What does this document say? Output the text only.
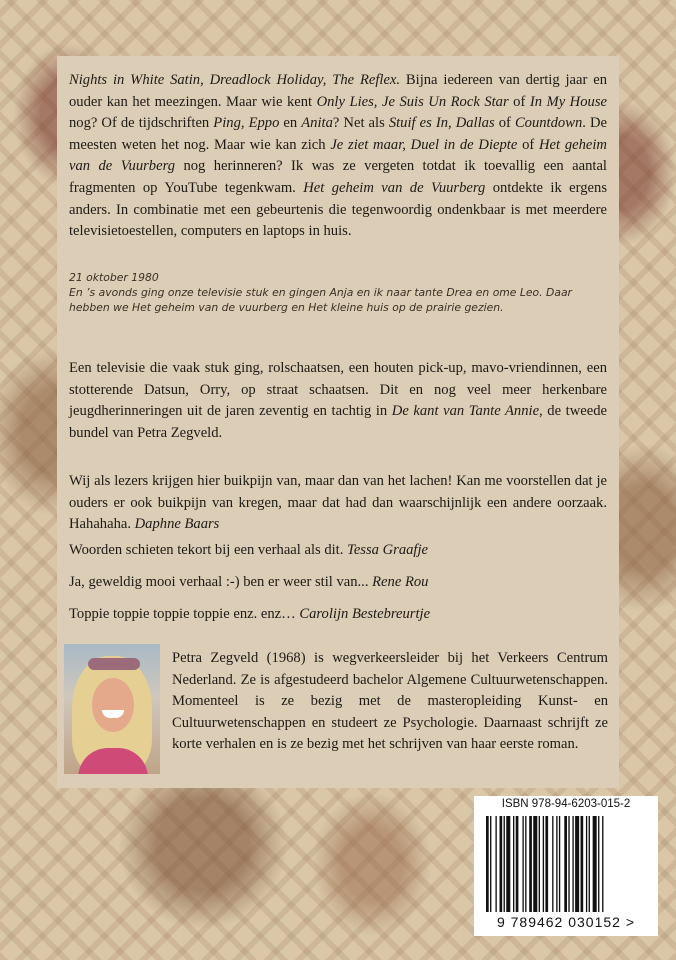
Nights in White Satin, Dreadlock Holiday, The Reflex. Bijna iedereen van dertig jaar en ouder kan het meezingen. Maar wie kent Only Lies, Je Suis Un Rock Star of In My House nog? Of de tijdschriften Ping, Eppo en Anita? Net als Stuif es In, Dallas of Countdown. De meesten weten het nog. Maar wie kan zich Je ziet maar, Duel in de Diepte of Het geheim van de Vuurberg nog herinneren? Ik was ze vergeten totdat ik toevallig een aantal fragmenten op YouTube tegenkwam. Het geheim van de Vuurberg ontdekte ik ergens anders. In combinatie met een gebeurtenis die tegenwoordig ondenkbaar is met meerdere televisietoestellen, computers en laptops in huis.
21 oktober 1980
En ’s avonds ging onze televisie stuk en gingen Anja en ik naar tante Drea en ome Leo. Daar hebben we Het geheim van de vuurberg en Het kleine huis op de prairie gezien.
Een televisie die vaak stuk ging, rolschaatsen, een houten pick-up, mavo-vriendinnen, een stotterende Datsun, Orry, op straat schaatsen. Dit en nog veel meer herkenbare jeugdherinneringen uit de jaren zeventig en tachtig in De kant van Tante Annie, de tweede bundel van Petra Zegveld.
Wij als lezers krijgen hier buikpijn van, maar dan van het lachen! Kan me voorstellen dat je ouders er ook buikpijn van kregen, maar dat had dan waarschijnlijk een andere oorzaak. Hahahaha. Daphne Baars
Woorden schieten tekort bij een verhaal als dit. Tessa Graafje
Ja, geweldig mooi verhaal :-) ben er weer stil van... Rene Rou
Toppie toppie toppie toppie enz. enz… Carolijn Bestebreurtje
Petra Zegveld (1968) is wegverkeersleider bij het Verkeers Centrum Nederland. Ze is afgestudeerd bachelor Algemene Cultuurwetenschappen. Momenteel is ze bezig met de masteropleiding Kunst- en Cultuurwetenschappen en studeert ze Psychologie. Daarnaast schrijft ze korte verhalen en is ze bezig met het schrijven van haar eerste roman.
ISBN 978-94-6203-015-2
9 789462 030152 >
